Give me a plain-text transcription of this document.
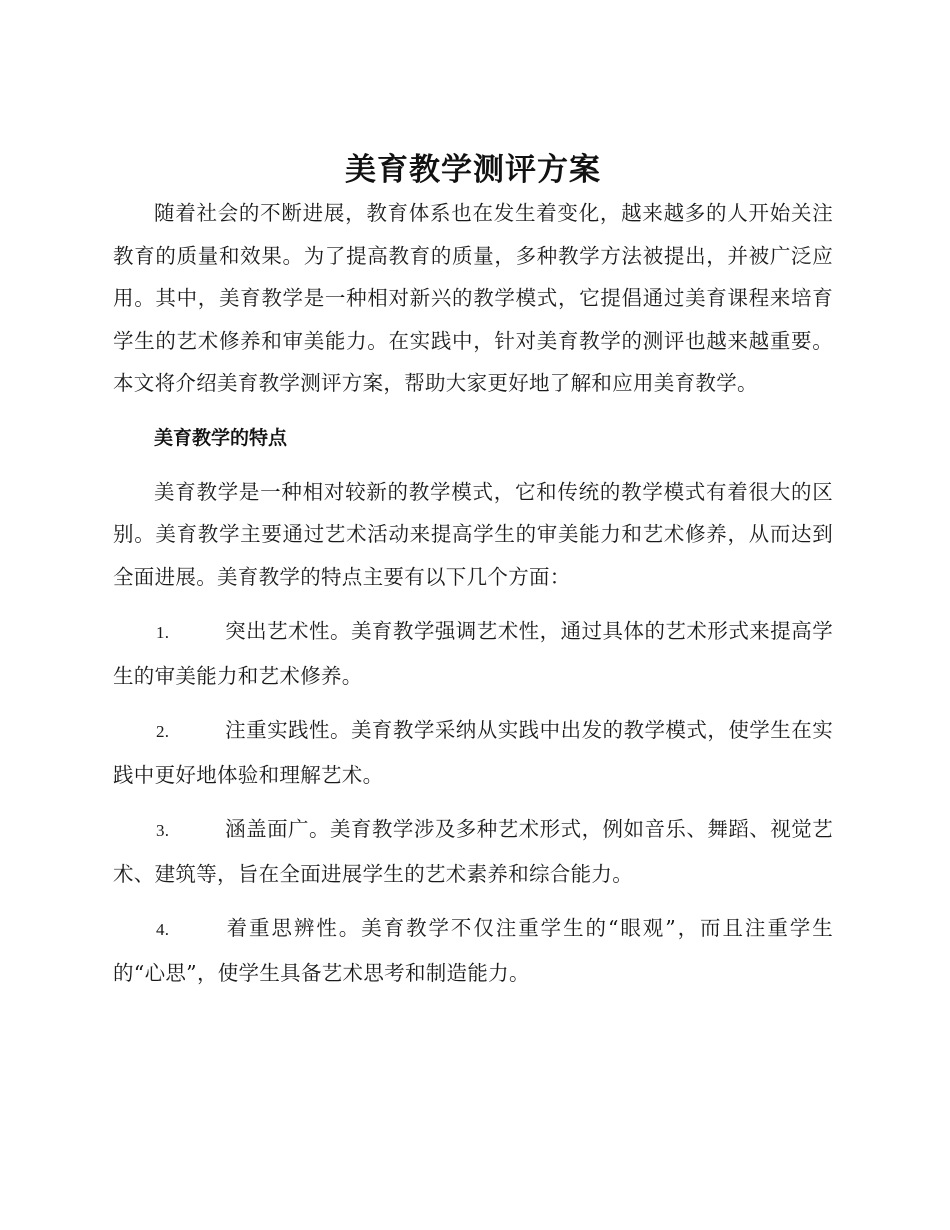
美育教学测评方案

随着社会的不断进展，教育体系也在发生着变化，越来越多的人开始关注教育的质量和效果。为了提高教育的质量，多种教学方法被提出，并被广泛应用。其中，美育教学是一种相对新兴的教学模式，它提倡通过美育课程来培育学生的艺术修养和审美能力。在实践中，针对美育教学的测评也越来越重要。本文将介绍美育教学测评方案，帮助大家更好地了解和应用美育教学。

美育教学的特点

美育教学是一种相对较新的教学模式，它和传统的教学模式有着很大的区别。美育教学主要通过艺术活动来提高学生的审美能力和艺术修养，从而达到全面进展。美育教学的特点主要有以下几个方面：

1.	突出艺术性。美育教学强调艺术性，通过具体的艺术形式来提高学生的审美能力和艺术修养。

2.	注重实践性。美育教学采纳从实践中出发的教学模式，使学生在实践中更好地体验和理解艺术。

3.	涵盖面广。美育教学涉及多种艺术形式，例如音乐、舞蹈、视觉艺术、建筑等，旨在全面进展学生的艺术素养和综合能力。

4.	着重思辨性。美育教学不仅注重学生的“眼观”，而且注重学生的“心思”，使学生具备艺术思考和制造能力。
